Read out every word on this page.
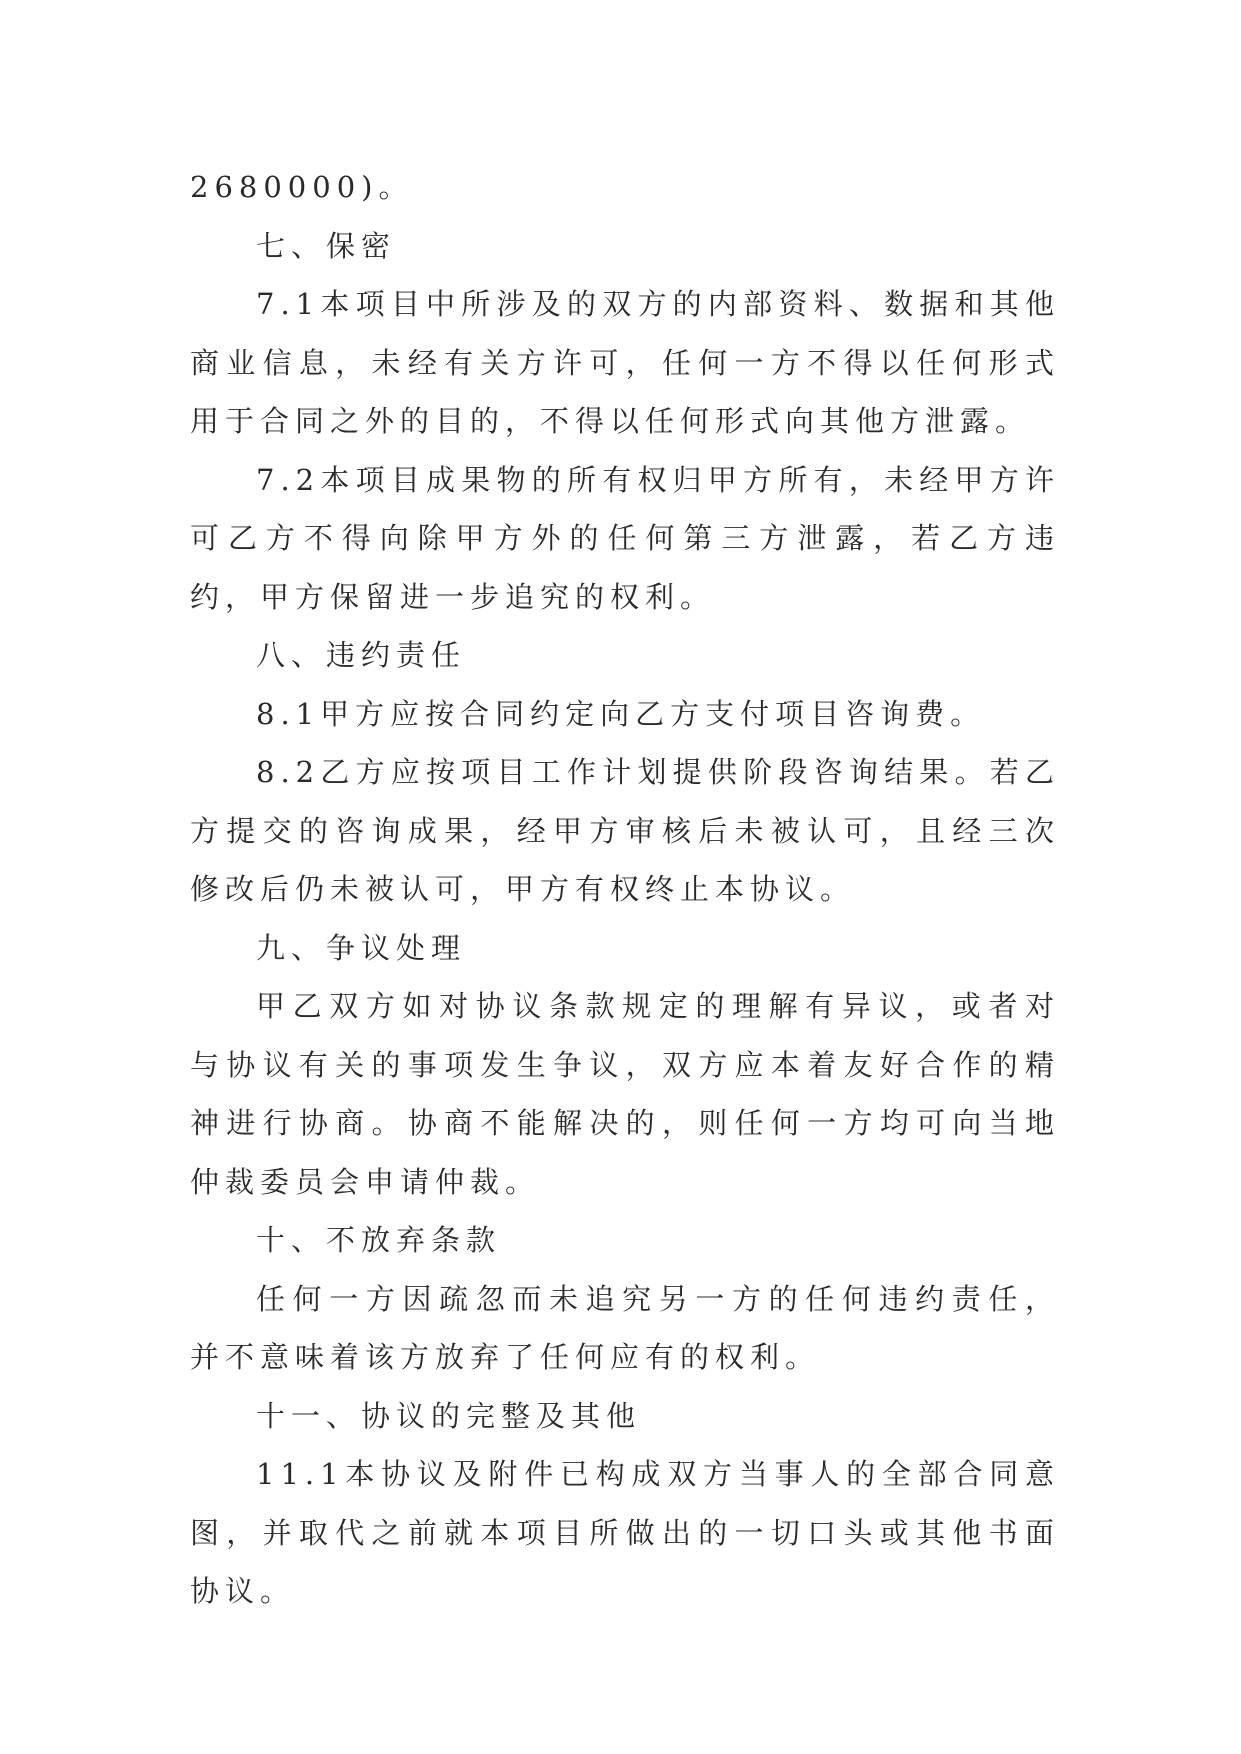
2680000)。

七、保密

7.1本项目中所涉及的双方的内部资料、数据和其他商业信息，未经有关方许可，任何一方不得以任何形式用于合同之外的目的，不得以任何形式向其他方泄露。

7.2本项目成果物的所有权归甲方所有，未经甲方许可乙方不得向除甲方外的任何第三方泄露，若乙方违约，甲方保留进一步追究的权利。

八、违约责任

8.1甲方应按合同约定向乙方支付项目咨询费。

8.2乙方应按项目工作计划提供阶段咨询结果。若乙方提交的咨询成果，经甲方审核后未被认可，且经三次修改后仍未被认可，甲方有权终止本协议。

九、争议处理

甲乙双方如对协议条款规定的理解有异议，或者对与协议有关的事项发生争议，双方应本着友好合作的精神进行协商。协商不能解决的，则任何一方均可向当地仲裁委员会申请仲裁。

十、不放弃条款

任何一方因疏忽而未追究另一方的任何违约责任，并不意味着该方放弃了任何应有的权利。

十一、协议的完整及其他

11.1本协议及附件已构成双方当事人的全部合同意图，并取代之前就本项目所做出的一切口头或其他书面协议。
